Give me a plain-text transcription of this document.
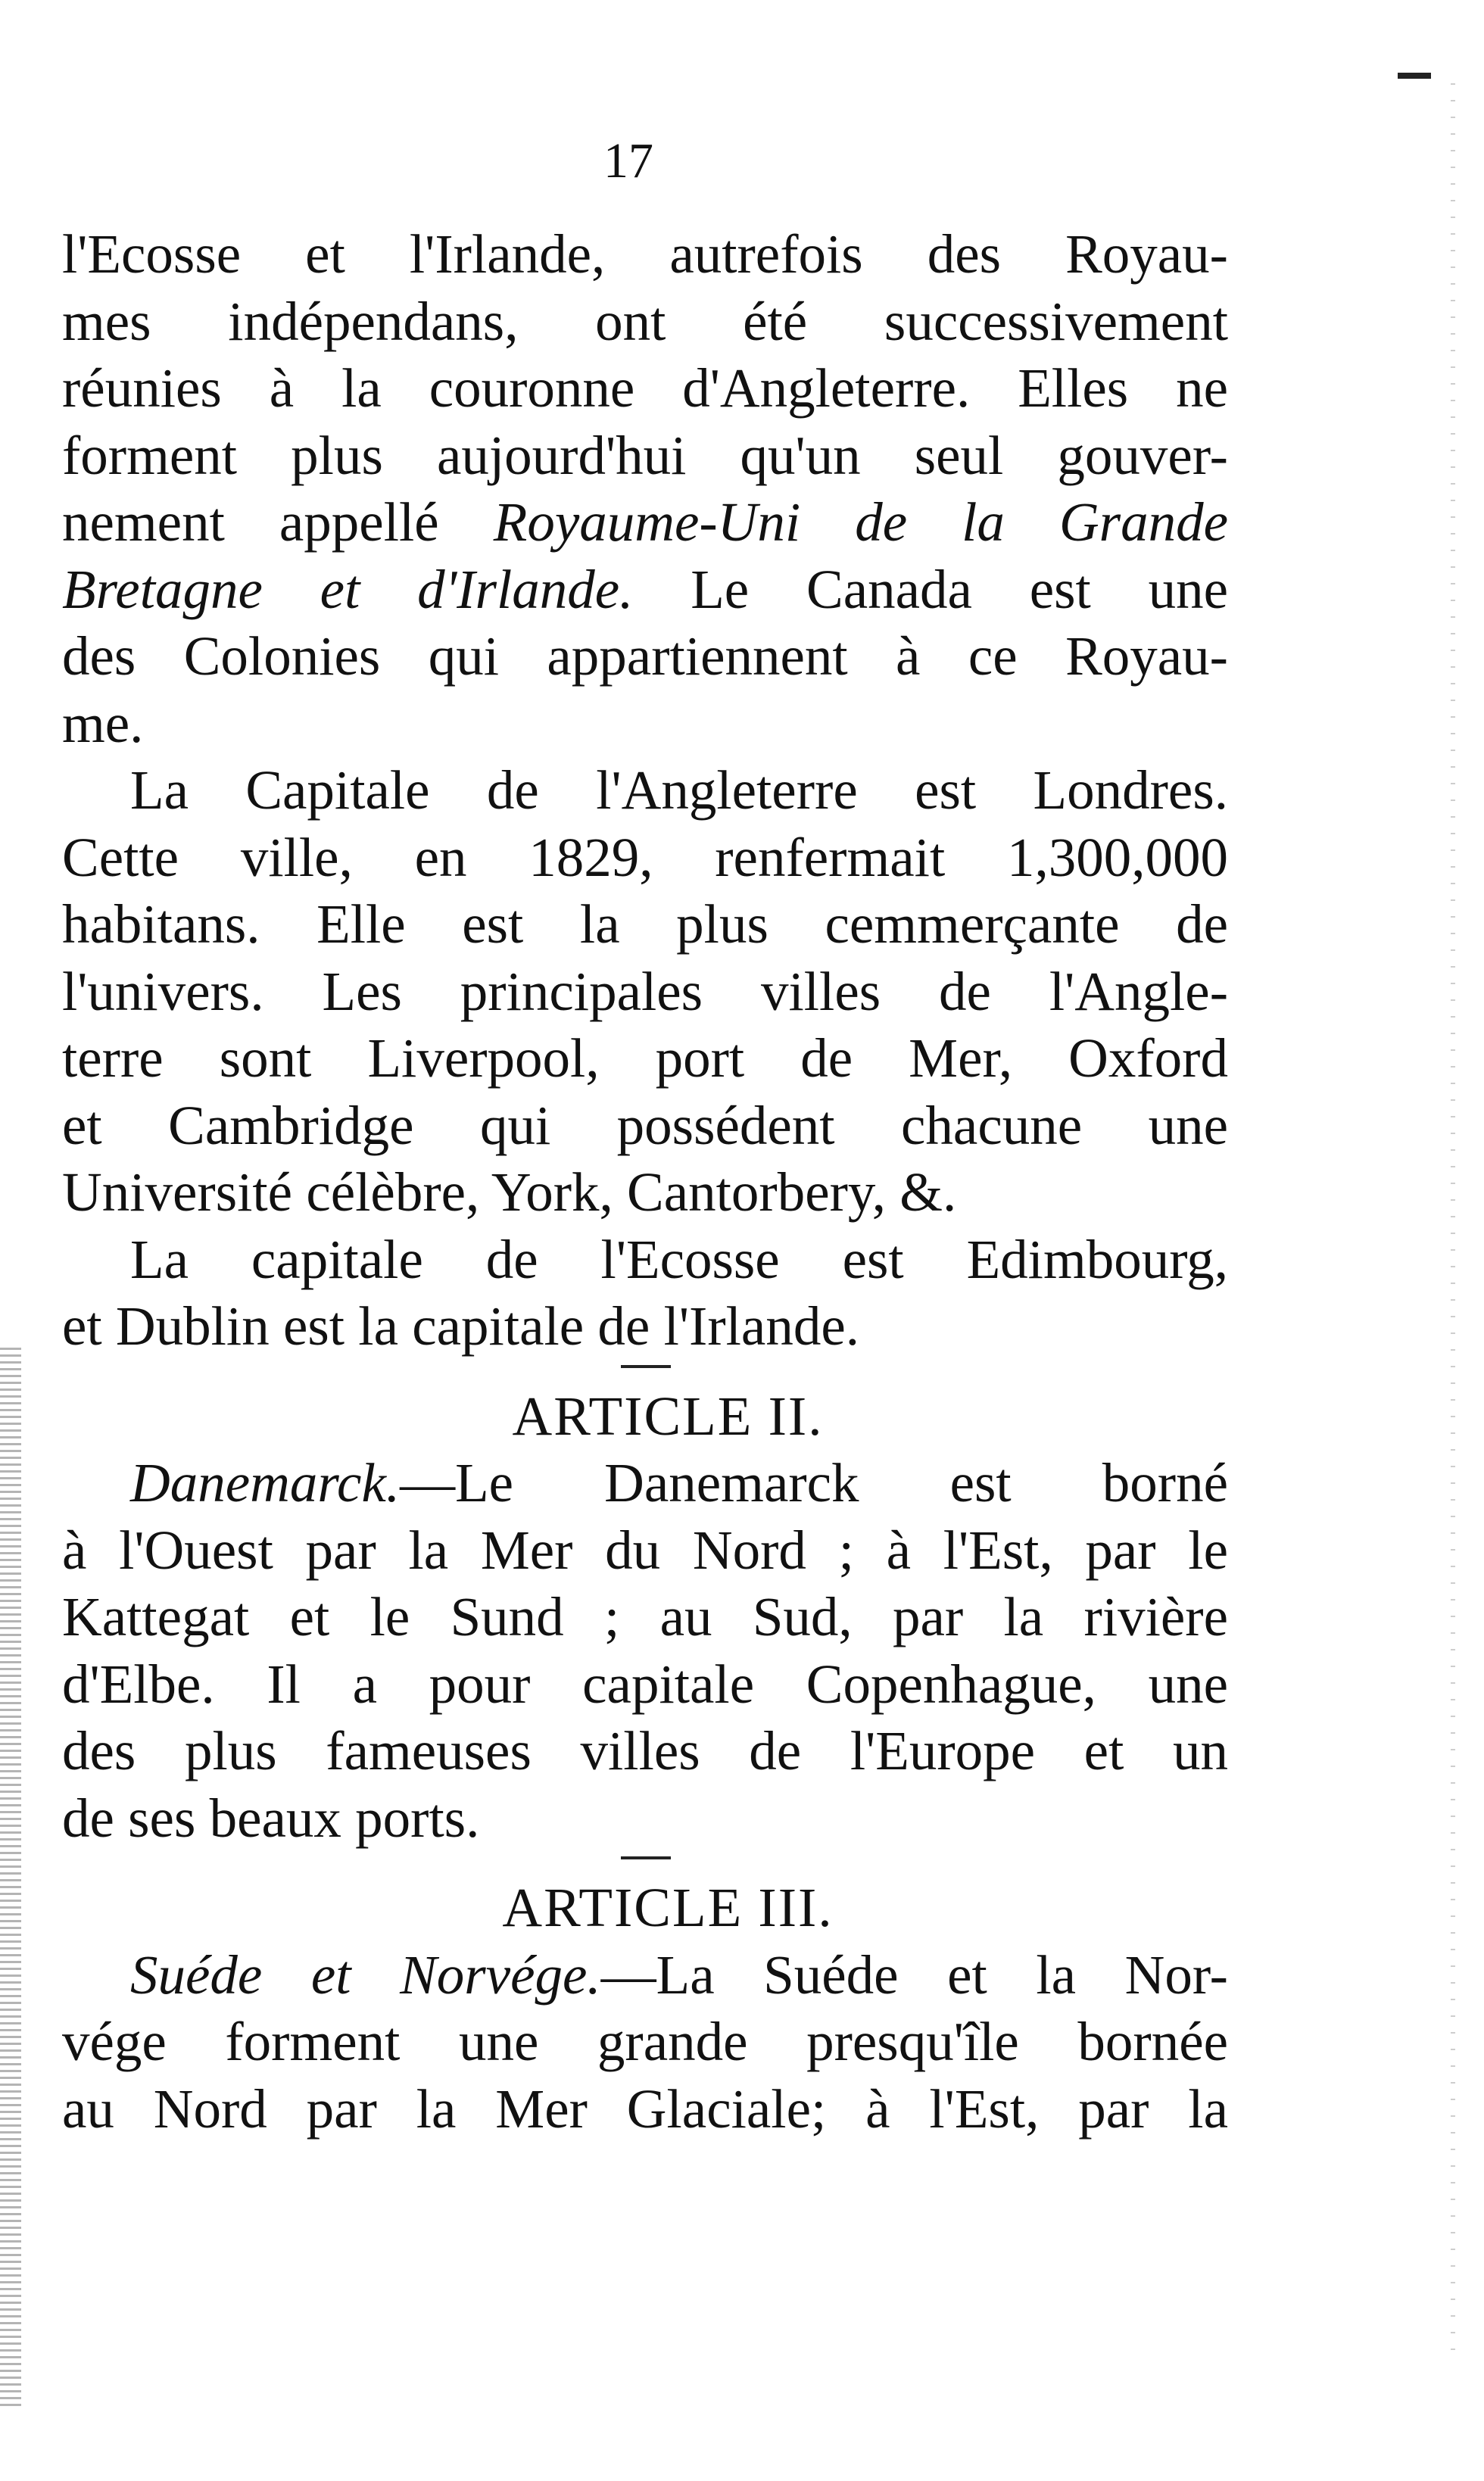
17
l'Ecosse et l'Irlande, autrefois des Royau-
mes indépendans, ont été successivement
réunies à la couronne d'Angleterre. Elles ne
forment plus aujourd'hui qu'un seul gouver-
nement appellé Royaume-Uni de la Grande
Bretagne et d'Irlande. Le Canada est une
des Colonies qui appartiennent à ce Royau-
me.
La Capitale de l'Angleterre est Londres.
Cette ville, en 1829, renfermait 1,300,000
habitans. Elle est la plus cemmerçante de
l'univers. Les principales villes de l'Angle-
terre sont Liverpool, port de Mer, Oxford
et Cambridge qui possédent chacune une
Université célèbre, York, Cantorbery, &.
La capitale de l'Ecosse est Edimbourg,
et Dublin est la capitale de l'Irlande.
ARTICLE II.
Danemarck.—Le Danemarck est borné
à l'Ouest par la Mer du Nord ; à l'Est, par le
Kattegat et le Sund ; au Sud, par la rivière
d'Elbe. Il a pour capitale Copenhague, une
des plus fameuses villes de l'Europe et un
de ses beaux ports.
ARTICLE III.
Suéde et Norvége.—La Suéde et la Nor-
vége forment une grande presqu'île bornée
au Nord par la Mer Glaciale; à l'Est, par la
